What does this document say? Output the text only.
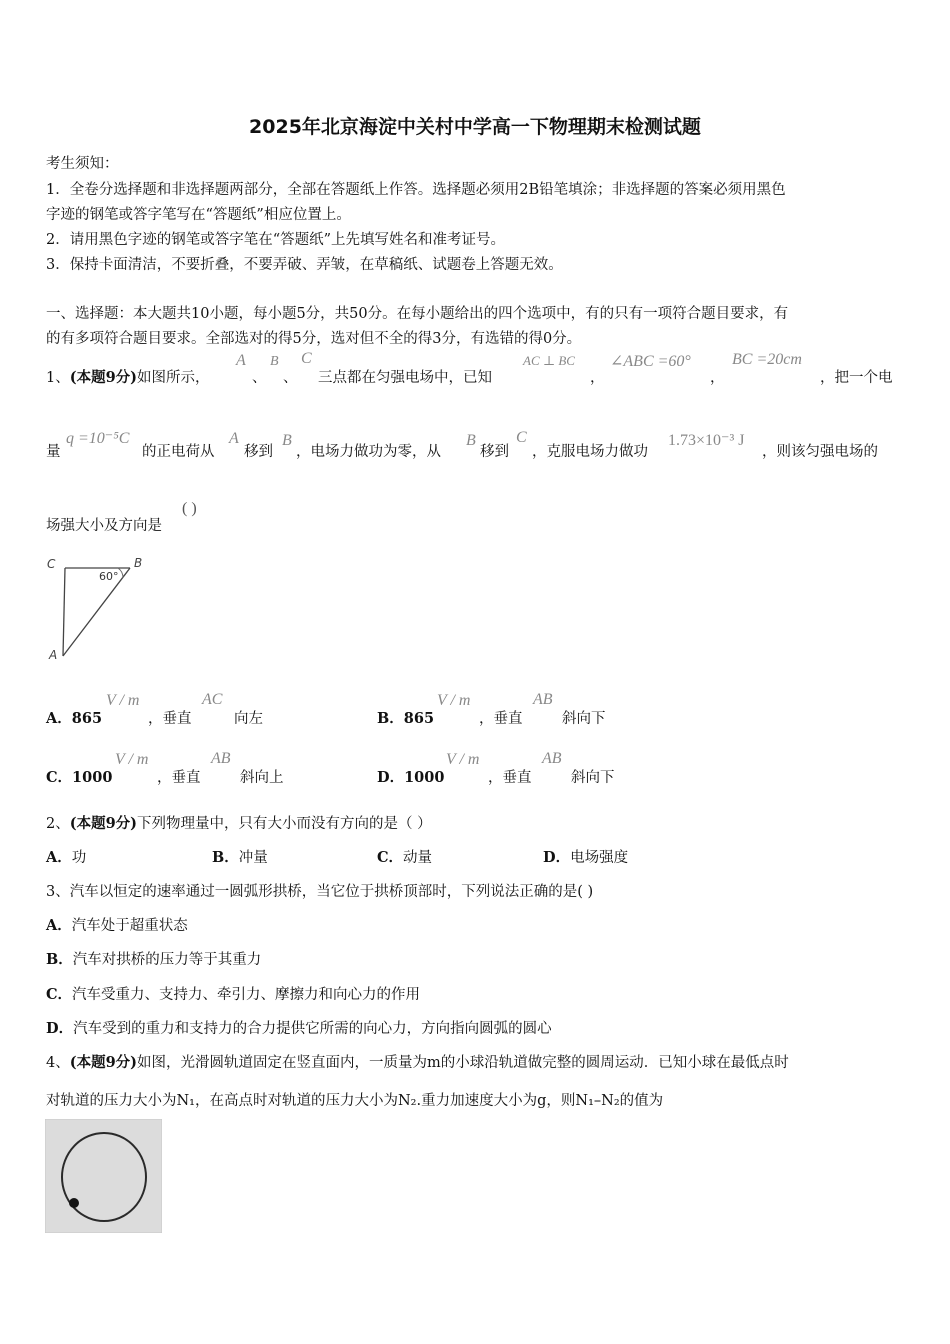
2025年北京海淀中关村中学高一下物理期末检测试题
考生须知：
1．全卷分选择题和非选择题两部分，全部在答题纸上作答。选择题必须用2B铅笔填涂；非选择题的答案必须用黑色
字迹的钢笔或答字笔写在“答题纸”相应位置上。
2．请用黑色字迹的钢笔或答字笔在“答题纸”上先填写姓名和准考证号。
3．保持卡面清洁，不要折叠，不要弄破、弄皱，在草稿纸、试题卷上答题无效。
一、选择题：本大题共10小题，每小题5分，共50分。在每小题给出的四个选项中，有的只有一项符合题目要求，有
的有多项符合题目要求。全部选对的得5分，选对但不全的得3分，有选错的得0分。
1、(本题9分)如图所示，
A
、
B
、
C
三点都在匀强电场中，已知
AC ⊥ BC
，
∠ABC =60°
，
BC =20cm
，把一个电
量
q =10⁻⁵C
的正电荷从
A
移到
B
，电场力做功为零，从
B
移到
C
，克服电场力做功
1.73×10⁻³ J
，则该匀强电场的
场强大小及方向是
( )
C	B
A
60°
A．865
V / m
，垂直
AC
向左	B．865
V / m
，垂直
AB
斜向下
C．1000
V / m
，垂直
AB
斜向上	D．1000
V / m
，垂直
AB
斜向下
2、(本题9分)下列物理量中，只有大小而没有方向的是（ ）
A．功	B．冲量	C．动量	D．电场强度
3、汽车以恒定的速率通过一圆弧形拱桥，当它位于拱桥顶部时，下列说法正确的是( )
A．汽车处于超重状态
B．汽车对拱桥的压力等于其重力
C．汽车受重力、支持力、牵引力、摩擦力和向心力的作用
D．汽车受到的重力和支持力的合力提供它所需的向心力，方向指向圆弧的圆心
4、(本题9分)如图，光滑圆轨道固定在竖直面内，一质量为m的小球沿轨道做完整的圆周运动．已知小球在最低点时
对轨道的压力大小为N₁，在高点时对轨道的压力大小为N₂.重力加速度大小为g，则N₁–N₂的值为
